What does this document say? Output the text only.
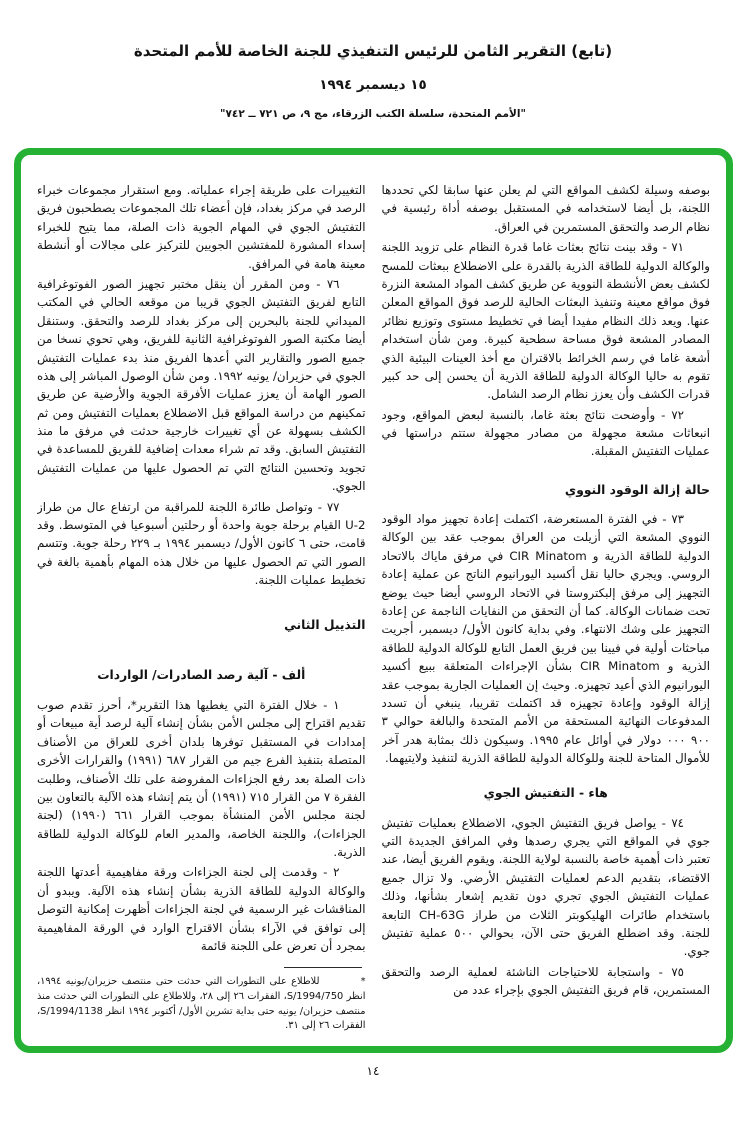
(تابع) التقرير الثامن للرئيس التنفيذي للجنة الخاصة للأمم المتحدة
١٥ ديسمبر ١٩٩٤
"الأمم المتحدة، سلسلة الكتب الزرقاء، مج ٩، ص ٧٢١ ــ ٧٤٢"

بوصفه وسيلة لكشف المواقع التي لم يعلن عنها سابقا لكي تحددها اللجنة، بل أيضا لاستخدامه في المستقبل بوصفه أداة رئيسية في نظام الرصد والتحقق المستمرين في العراق.

٧١ - وقد بينت نتائج بعثات غاما قدرة النظام على تزويد اللجنة والوكالة الدولية للطاقة الذرية بالقدرة على الاضطلاع ببعثات للمسح لكشف بعض الأنشطة النووية عن طريق كشف المواد المشعة النزرة فوق مواقع معينة وتنفيذ البعثات الحالية للرصد فوق المواقع المعلن عنها. ويعد ذلك النظام مفيدا أيضا في تخطيط مستوى وتوزيع نظائر المصادر المشعة فوق مساحة سطحية كبيرة. ومن شأن استخدام أشعة غاما في رسم الخرائط بالاقتران مع أخذ العينات البيئية الذي تقوم به حاليا الوكالة الدولية للطاقة الذرية أن يحسن إلى حد كبير قدرات الكشف وأن يعزز نظام الرصد الشامل.

٧٢ - وأوضحت نتائج بعثة غاما، بالنسبة لبعض المواقع، وجود انبعاثات مشعة مجهولة من مصادر مجهولة ستتم دراستها في عمليات التفتيش المقبلة.

حالة إزالة الوقود النووي

٧٣ - في الفترة المستعرضة، اكتملت إعادة تجهيز مواد الوقود النووي المشعة التي أزيلت من العراق بموجب عقد بين الوكالة الدولية للطاقة الذرية و CIR Minatom في مرفق ماياك بالاتحاد الروسي. ويجري حاليا نقل أكسيد اليورانيوم الناتج عن عملية إعادة التجهيز إلى مرفق إلبكتروستا في الاتحاد الروسي أيضا حيث يوضع تحت ضمانات الوكالة. كما أن التحقق من النفايات الناجمة عن إعادة التجهيز على وشك الانتهاء. وفي بداية كانون الأول/ ديسمبر، أجريت مباحثات أولية في فيينا بين فريق العمل التابع للوكالة الدولية للطاقة الذرية و CIR Minatom بشأن الإجراءات المتعلقة ببيع أكسيد اليورانيوم الذي أعيد تجهيزه. وحيث إن العمليات الجارية بموجب عقد إزالة الوقود وإعادة تجهيزه قد اكتملت تقريبا، ينبغي أن تسدد المدفوعات النهائية المستحقة من الأمم المتحدة والبالغة حوالي ٣ ٩٠٠ ٠٠٠ دولار في أوائل عام ١٩٩٥. وسيكون ذلك بمثابة هدر آخر للأموال المتاحة للجنة وللوكالة الدولية للطاقة الذرية لتنفيذ ولايتيهما.

هاء - التفتيش الجوي

٧٤ - يواصل فريق التفتيش الجوي، الاضطلاع بعمليات تفتيش جوي في المواقع التي يجري رصدها وفي المرافق الجديدة التي تعتبر ذات أهمية خاصة بالنسبة لولاية اللجنة. ويقوم الفريق أيضا، عند الاقتضاء، بتقديم الدعم لعمليات التفتيش الأرضي. ولا تزال جميع عمليات التفتيش الجوي تجري دون تقديم إشعار بشأنها، وذلك باستخدام طائرات الهليكوبتر الثلاث من طراز CH-63G التابعة للجنة. وقد اضطلع الفريق حتى الآن، بحوالي ٥٠٠ عملية تفتيش جوي.

٧٥ - واستجابة للاحتياجات الناشئة لعملية الرصد والتحقق المستمرين، قام فريق التفتيش الجوي بإجراء عدد من

التغييرات على طريقة إجراء عملياته. ومع استقرار مجموعات خبراء الرصد في مركز بغداد، فإن أعضاء تلك المجموعات يصطحبون فريق التفتيش الجوي في المهام الجوية ذات الصلة، مما يتيح للخبراء إسداء المشورة للمفتشين الجويين للتركيز على مجالات أو أنشطة معينة هامة في المرافق.

٧٦ - ومن المقرر أن ينقل مختبر تجهيز الصور الفوتوغرافية التابع لفريق التفتيش الجوي قريبا من موقعه الحالي في المكتب الميداني للجنة بالبحرين إلى مركز بغداد للرصد والتحقق. وستنقل أيضا مكتبة الصور الفوتوغرافية الثانية للفريق، وهي تحوي نسخا من جميع الصور والتقارير التي أعدها الفريق منذ بدء عمليات التفتيش الجوي في حزيران/ يونيه ١٩٩٢. ومن شأن الوصول المباشر إلى هذه الصور الهامة أن يعزز عمليات الأفرقة الجوية والأرضية عن طريق تمكينهم من دراسة المواقع قبل الاضطلاع بعمليات التفتيش ومن ثم الكشف بسهولة عن أي تغييرات خارجية حدثت في مرفق ما منذ التفتيش السابق. وقد تم شراء معدات إضافية للفريق للمساعدة في تجويد وتحسين النتائج التي تم الحصول عليها من عمليات التفتيش الجوي.

٧٧ - وتواصل طائرة اللجنة للمراقبة من ارتفاع عال من طراز U-2 القيام برحلة جوية واحدة أو رحلتين أسبوعيا في المتوسط. وقد قامت، حتى ٦ كانون الأول/ ديسمبر ١٩٩٤ بـ ٢٢٩ رحلة جوية. وتتسم الصور التي تم الحصول عليها من خلال هذه المهام بأهمية بالغة في تخطيط عمليات اللجنة.

التذييل الثاني
ألف - آلية رصد الصادرات/ الواردات

١ - خلال الفترة التي يغطيها هذا التقرير*، أحرز تقدم صوب تقديم اقتراح إلى مجلس الأمن بشأن إنشاء آلية لرصد أية مبيعات أو إمدادات في المستقبل توفرها بلدان أخرى للعراق من الأصناف المتصلة بتنفيذ الفرع جيم من القرار ٦٨٧ (١٩٩١) والقرارات الأخرى ذات الصلة بعد رفع الجزاءات المفروضة على تلك الأصناف، وطلبت الفقرة ٧ من القرار ٧١٥ (١٩٩١) أن يتم إنشاء هذه الآلية بالتعاون بين لجنة مجلس الأمن المنشأة بموجب القرار ٦٦١ (١٩٩٠) (لجنة الجزاءات)، واللجنة الخاصة، والمدير العام للوكالة الدولية للطاقة الذرية.

٢ - وقدمت إلى لجنة الجزاءات ورقة مفاهيمية أعدتها اللجنة والوكالة الدولية للطاقة الذرية بشأن إنشاء هذه الآلية. ويبدو أن المناقشات غير الرسمية في لجنة الجزاءات أظهرت إمكانية التوصل إلى توافق في الآراء بشأن الاقتراح الوارد في الورقة المفاهيمية بمجرد أن تعرض على اللجنة قائمة

*للاطلاع على التطورات التي حدثت حتى منتصف حزيران/يونيه ١٩٩٤، انظر S/1994/750، الفقرات ٢٦ إلى ٢٨، وللاطلاع على التطورات التي حدثت منذ منتصف حزيران/ يونيه حتى بداية تشرين الأول/ أكتوبر ١٩٩٤ انظر S/1994/1138، الفقرات ٢٦ إلى ٣١.

١٤
